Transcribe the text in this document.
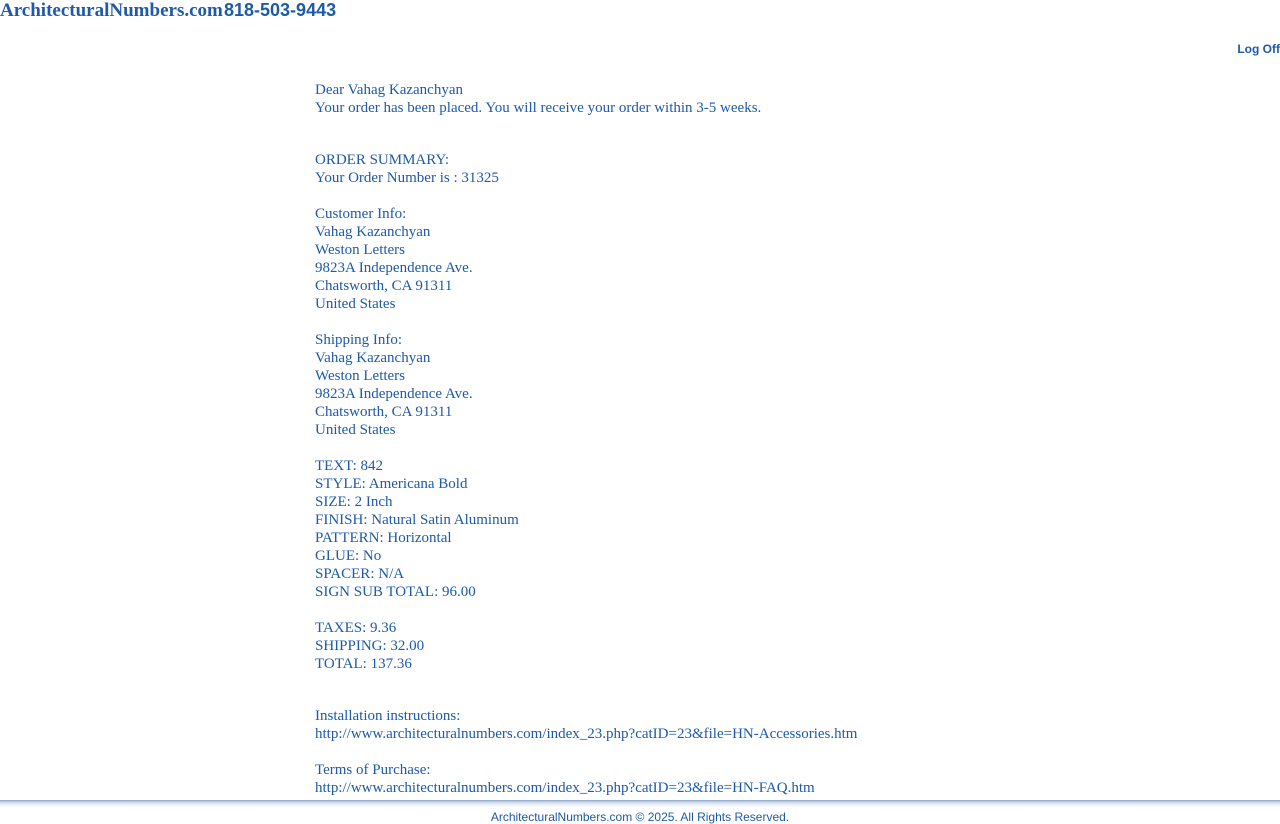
ArchitecturalNumbers.com 818-503-9443
Log Off
Dear Vahag Kazanchyan
Your order has been placed. You will receive your order within 3-5 weeks.
ORDER SUMMARY:
Your Order Number is : 31325
Customer Info:
Vahag Kazanchyan
Weston Letters
9823A Independence Ave.
Chatsworth, CA 91311
United States
Shipping Info:
Vahag Kazanchyan
Weston Letters
9823A Independence Ave.
Chatsworth, CA 91311
United States
TEXT: 842
STYLE: Americana Bold
SIZE: 2 Inch
FINISH: Natural Satin Aluminum
PATTERN: Horizontal
GLUE: No
SPACER: N/A
SIGN SUB TOTAL: 96.00
TAXES: 9.36
SHIPPING: 32.00
TOTAL: 137.36
Installation instructions:
http://www.architecturalnumbers.com/index_23.php?catID=23&file=HN-Accessories.htm
Terms of Purchase:
http://www.architecturalnumbers.com/index_23.php?catID=23&file=HN-FAQ.htm
ArchitecturalNumbers.com © 2025. All Rights Reserved.
